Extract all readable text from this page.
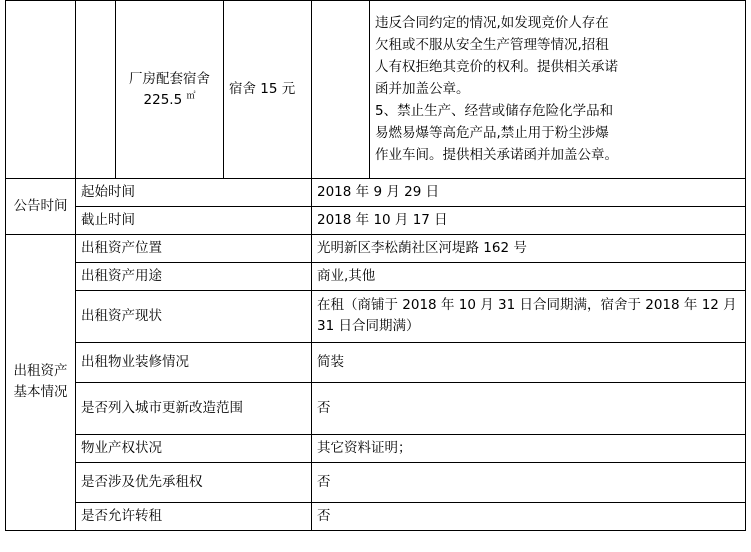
		厂房配套宿舍 225.5 ㎡	宿舍 15 元		

违反合同约定的情况,如发现竞价人存在

欠租或不服从安全生产管理等情况,招租

人有权拒绝其竞价的权利。提供相关承诺

函并加盖公章。

5、禁止生产、经营或储存危险化学品和

易燃易爆等高危产品,禁止用于粉尘涉爆

作业车间。提供相关承诺函并加盖公章。

公告时间	起始时间			2018 年 9 月 29 日	
	截止时间			2018 年 10 月 17 日	
出租资产基本情况	出租资产位置			光明新区李松蓢社区河堤路 162 号	
	出租资产用途			商业,其他	
	出租资产现状			在租（商铺于 2018 年 10 月 31 日合同期满，宿舍于 2018 年 12 月 31 日合同期满）	
	出租物业装修情况			简装	
	是否列入城市更新改造范围			否	
	物业产权状况			其它资料证明；	
	是否涉及优先承租权			否	
	是否允许转租			否	
